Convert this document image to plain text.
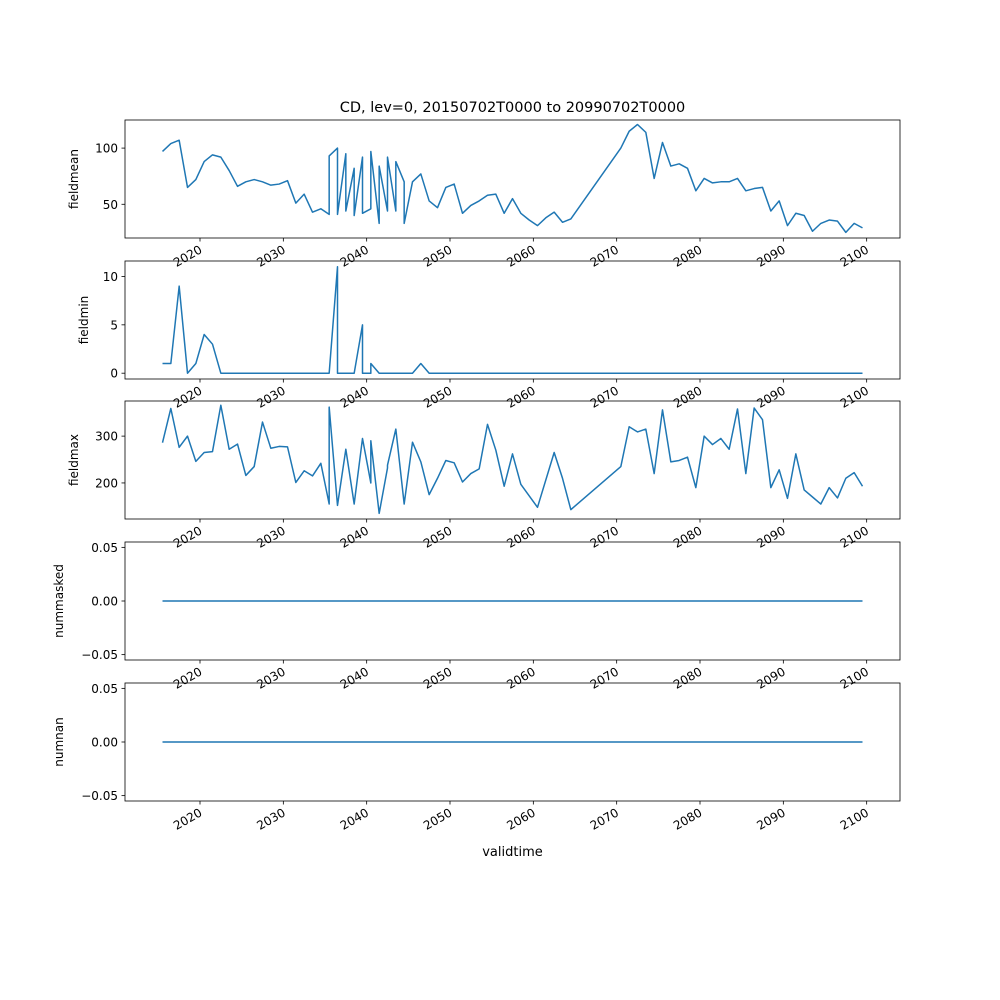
CD, lev=0, 20150702T0000 to 20990702T0000
validtime
2020	2030	2040	2050	2060	2070	2080	2090	2100
50
100
fieldmean
2020	2030	2040	2050	2060	2070	2080	2090	2100
0
5
10
fieldmin
2020	2030	2040	2050	2060	2070	2080	2090	2100
200
300
fieldmax
2020	2030	2040	2050	2060	2070	2080	2090	2100
−0.05
0.00
0.05
nummasked
2020	2030	2040	2050	2060	2070	2080	2090	2100
−0.05
0.00
0.05
numnan
